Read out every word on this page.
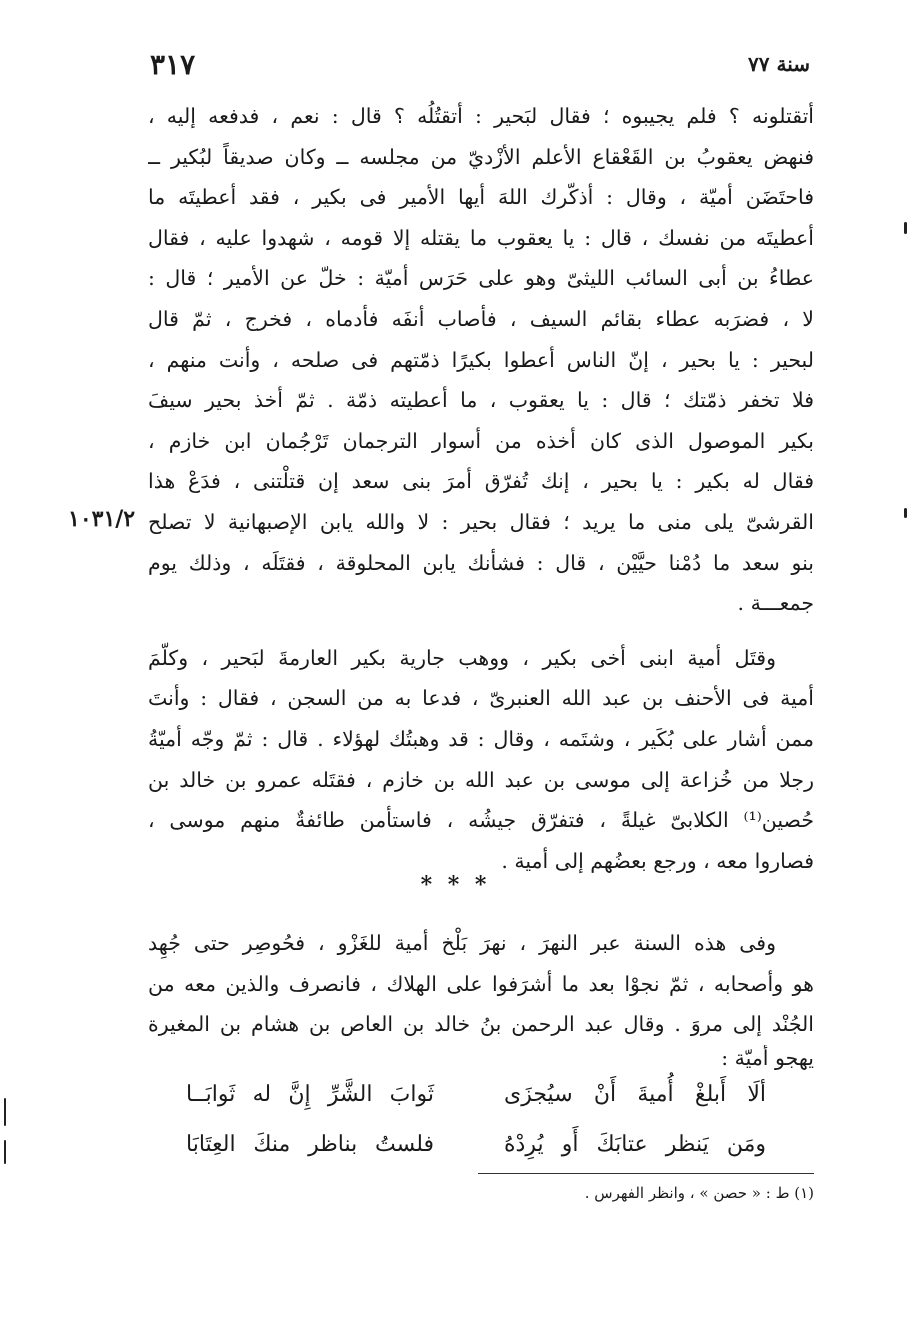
٣١٧	سنة ٧٧
١٠٣١/٢
أتقتلونه ؟ فلم يجيبوه ؛ فقال لبَحير : أتقتُلُه ؟ قال : نعم ، فدفعه إليه ،
فنهض يعقوبُ بن القَعْقاع الأعلم الأزْديّ من مجلسه ــ وكان صديقاً لبُكير ــ
فاحتَضَن أميّة ، وقال : أذكّرك اللهَ أيها الأمير فى بكير ، فقد أعطيتَه ما
أعطيتَه من نفسك ، قال : يا يعقوب ما يقتله إلا قومه ، شهدوا عليه ، فقال
عطاءُ بن أبى السائب الليثىّ وهو على حَرَس أميّة : خلّ عن الأمير ؛ قال :
لا ، فضرَبه عطاء بقائم السيف ، فأصاب أنفَه فأدماه ، فخرج ، ثمّ قال
لبحير : يا بحير ، إنّ الناس أعطوا بكيرًا ذمّتهم فى صلحه ، وأنت منهم ،
فلا تخفر ذمّتك ؛ قال : يا يعقوب ، ما أعطيته ذمّة . ثمّ أخذ بحير سيفَ
بكير الموصول الذى كان أخذه من أسوار الترجمان تَرْجُمان ابن خازم ،
فقال له بكير : يا بحير ، إنك تُفرّق أمرَ بنى سعد إن قتلْتنى ، فدَعْ هذا
القرشىّ يلى منى ما يريد ؛ فقال بحير : لا والله يابن الإصبهانية لا تصلح
بنو سعد ما دُمْنا حيَّيْن ، قال : فشأنك يابن المحلوقة ، فقتَلَه ، وذلك يوم
جمعـــة .
وقتَل أمية ابنى أخى بكير ، ووهب جارية بكير العارمةَ لبَحير ، وكلّمَ
أمية فى الأحنف بن عبد الله العنبرىّ ، فدعا به من السجن ، فقال : وأنتَ
ممن أشار على بُكَير ، وشتَمه ، وقال : قد وهبتُك لهؤلاء . قال : ثمّ وجّه أميّةُ
رجلا من خُزاعة إلى موسى بن عبد الله بن خازم ، فقتَله عمرو بن خالد بن
حُصين⁽¹⁾ الكلابىّ غيلةً ، فتفرّق جيشُه ، فاستأمن طائفةٌ منهم موسى ،
فصاروا معه ، ورجع بعضُهم إلى أمية .
وفى هذه السنة عبر النهرَ ، نهرَ بَلْخ أمية للغَزْو ، فحُوصِر حتى جُهِد
هو وأصحابه ، ثمّ نجوْا بعد ما أشرَفوا على الهلاك ، فانصرف والذين معه من
الجُنْد إلى مروَ . وقال عبد الرحمن بنُ خالد بن العاص بن هشام بن المغيرة
يهجو أميّة :
* * *
ألَا أَبلغْ أُميةَ أَنْ سيُجزَى
ثَوابَ الشَّرِّ إِنَّ له ثَوابَــا
ومَن يَنظر عتابَكَ أَو يُرِدْهُ
فلستُ بناظر منكَ العِتَابَا
(١) ط : « حصن » ، وانظر الفهرس .
